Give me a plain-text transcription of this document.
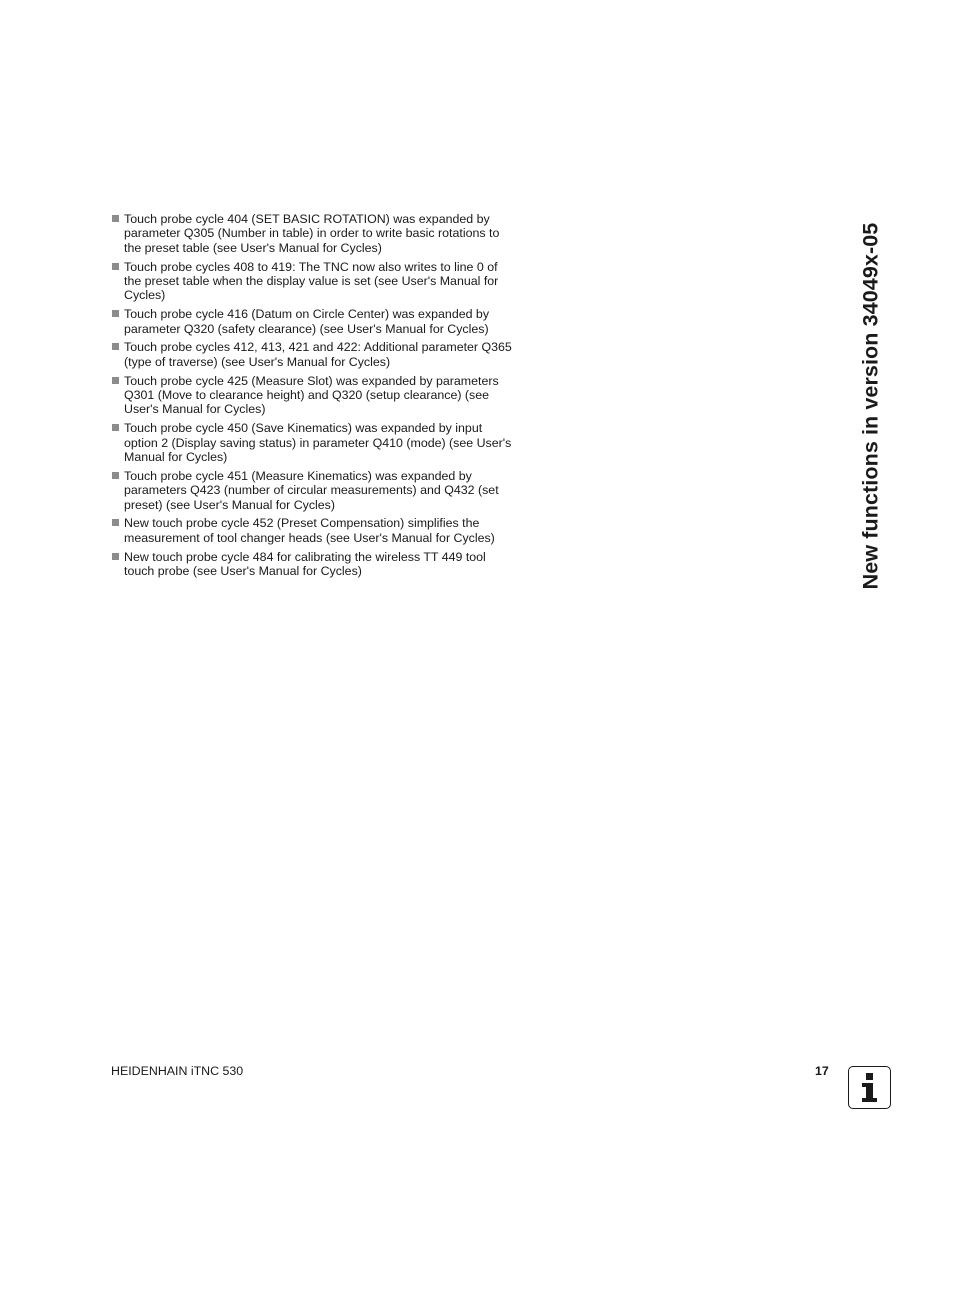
Touch probe cycle 404 (SET BASIC ROTATION) was expanded by parameter Q305 (Number in table) in order to write basic rotations to the preset table (see User's Manual for Cycles)
Touch probe cycles 408 to 419: The TNC now also writes to line 0 of the preset table when the display value is set (see User's Manual for Cycles)
Touch probe cycle 416 (Datum on Circle Center) was expanded by parameter Q320 (safety clearance) (see User's Manual for Cycles)
Touch probe cycles 412, 413, 421 and 422: Additional parameter Q365 (type of traverse) (see User's Manual for Cycles)
Touch probe cycle 425 (Measure Slot) was expanded by parameters Q301 (Move to clearance height) and Q320 (setup clearance) (see User's Manual for Cycles)
Touch probe cycle 450 (Save Kinematics) was expanded by input option 2 (Display saving status) in parameter Q410 (mode) (see User's Manual for Cycles)
Touch probe cycle 451 (Measure Kinematics) was expanded by parameters Q423 (number of circular measurements) and Q432 (set preset) (see User's Manual for Cycles)
New touch probe cycle 452 (Preset Compensation) simplifies the measurement of tool changer heads (see User's Manual for Cycles)
New touch probe cycle 484 for calibrating the wireless TT 449 tool touch probe (see User's Manual for Cycles)	New functions in version 34049x-05
HEIDENHAIN iTNC 530	17
